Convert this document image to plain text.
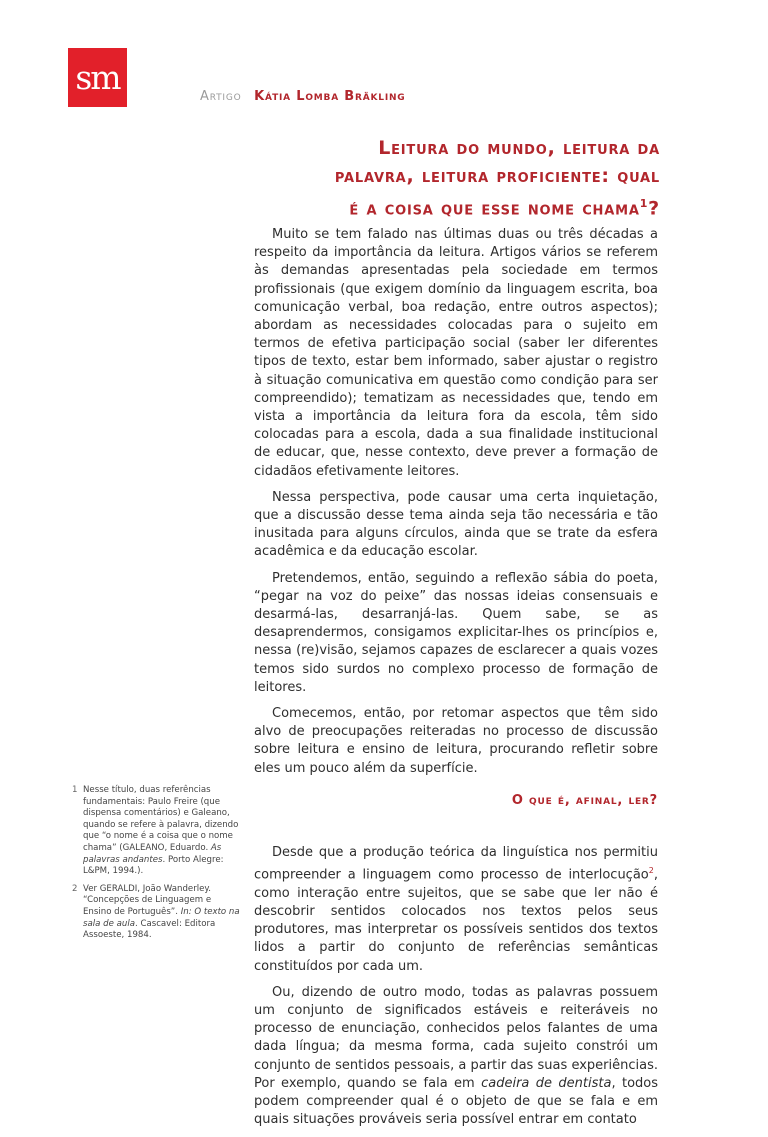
sm	Artigo Kátia Lomba Bräkling
Leitura do mundo, leitura da
palavra, leitura proficiente: qual
é a coisa que esse nome chama$^1$?

Muito se tem falado nas últimas duas ou três décadas a respeito da importância da leitura. Artigos vários se referem às demandas apresentadas pela sociedade em termos profissionais (que exigem domínio da linguagem escrita, boa comunicação verbal, boa redação, entre outros aspectos); abordam as necessidades colocadas para o sujeito em termos de efetiva participação social (saber ler diferentes tipos de texto, estar bem informado, saber ajustar o registro à situação comunicativa em questão como condição para ser compreendido); tematizam as necessidades que, tendo em vista a importância da leitura fora da escola, têm sido colocadas para a escola, dada a sua finalidade institucional de educar, que, nesse contexto, deve prever a formação de cidadãos efetivamente leitores.

Nessa perspectiva, pode causar uma certa inquietação, que a discussão desse tema ainda seja tão necessária e tão inusitada para alguns círculos, ainda que se trate da esfera acadêmica e da educação escolar.

Pretendemos, então, seguindo a reflexão sábia do poeta, “pegar na voz do peixe” das nossas ideias consensuais e desarmá-las, desarranjá-las. Quem sabe, se as desaprendermos, consigamos explicitar-lhes os princípios e, nessa (re)visão, sejamos capazes de esclarecer a quais vozes temos sido surdos no complexo processo de formação de leitores.

Comecemos, então, por retomar aspectos que têm sido alvo de preocupações reiteradas no processo de discussão sobre leitura e ensino de leitura, procurando refletir sobre eles um pouco além da superfície.

O que é, afinal, ler?

Desde que a produção teórica da linguística nos permitiu compreender a linguagem como processo de interlocução$^2$, como interação entre sujeitos, que se sabe que ler não é descobrir sentidos colocados nos textos pelos seus produtores, mas interpretar os possíveis sentidos dos textos lidos a partir do conjunto de referências semânticas constituídos por cada um.

Ou, dizendo de outro modo, todas as palavras possuem um conjunto de significados estáveis e reiteráveis no processo de enunciação, conhecidos pelos falantes de uma dada língua; da mesma forma, cada sujeito constrói um conjunto de sentidos pessoais, a partir das suas experiências. Por exemplo, quando se fala em cadeira de dentista, todos podem compreender qual é o objeto de que se fala e em quais situações prováveis seria possível entrar em contato

1 Nesse título, duas referências fundamentais: Paulo Freire (que dispensa comentários) e Galeano, quando se refere à palavra, dizendo que “o nome é a coisa que o nome chama” (GALEANO, Eduardo. As palavras andantes. Porto Alegre: L&PM, 1994.).
2 Ver GERALDI, João Wanderley. “Concepções de Linguagem e Ensino de Português”. In: O texto na sala de aula. Cascavel: Editora Assoeste, 1984.
